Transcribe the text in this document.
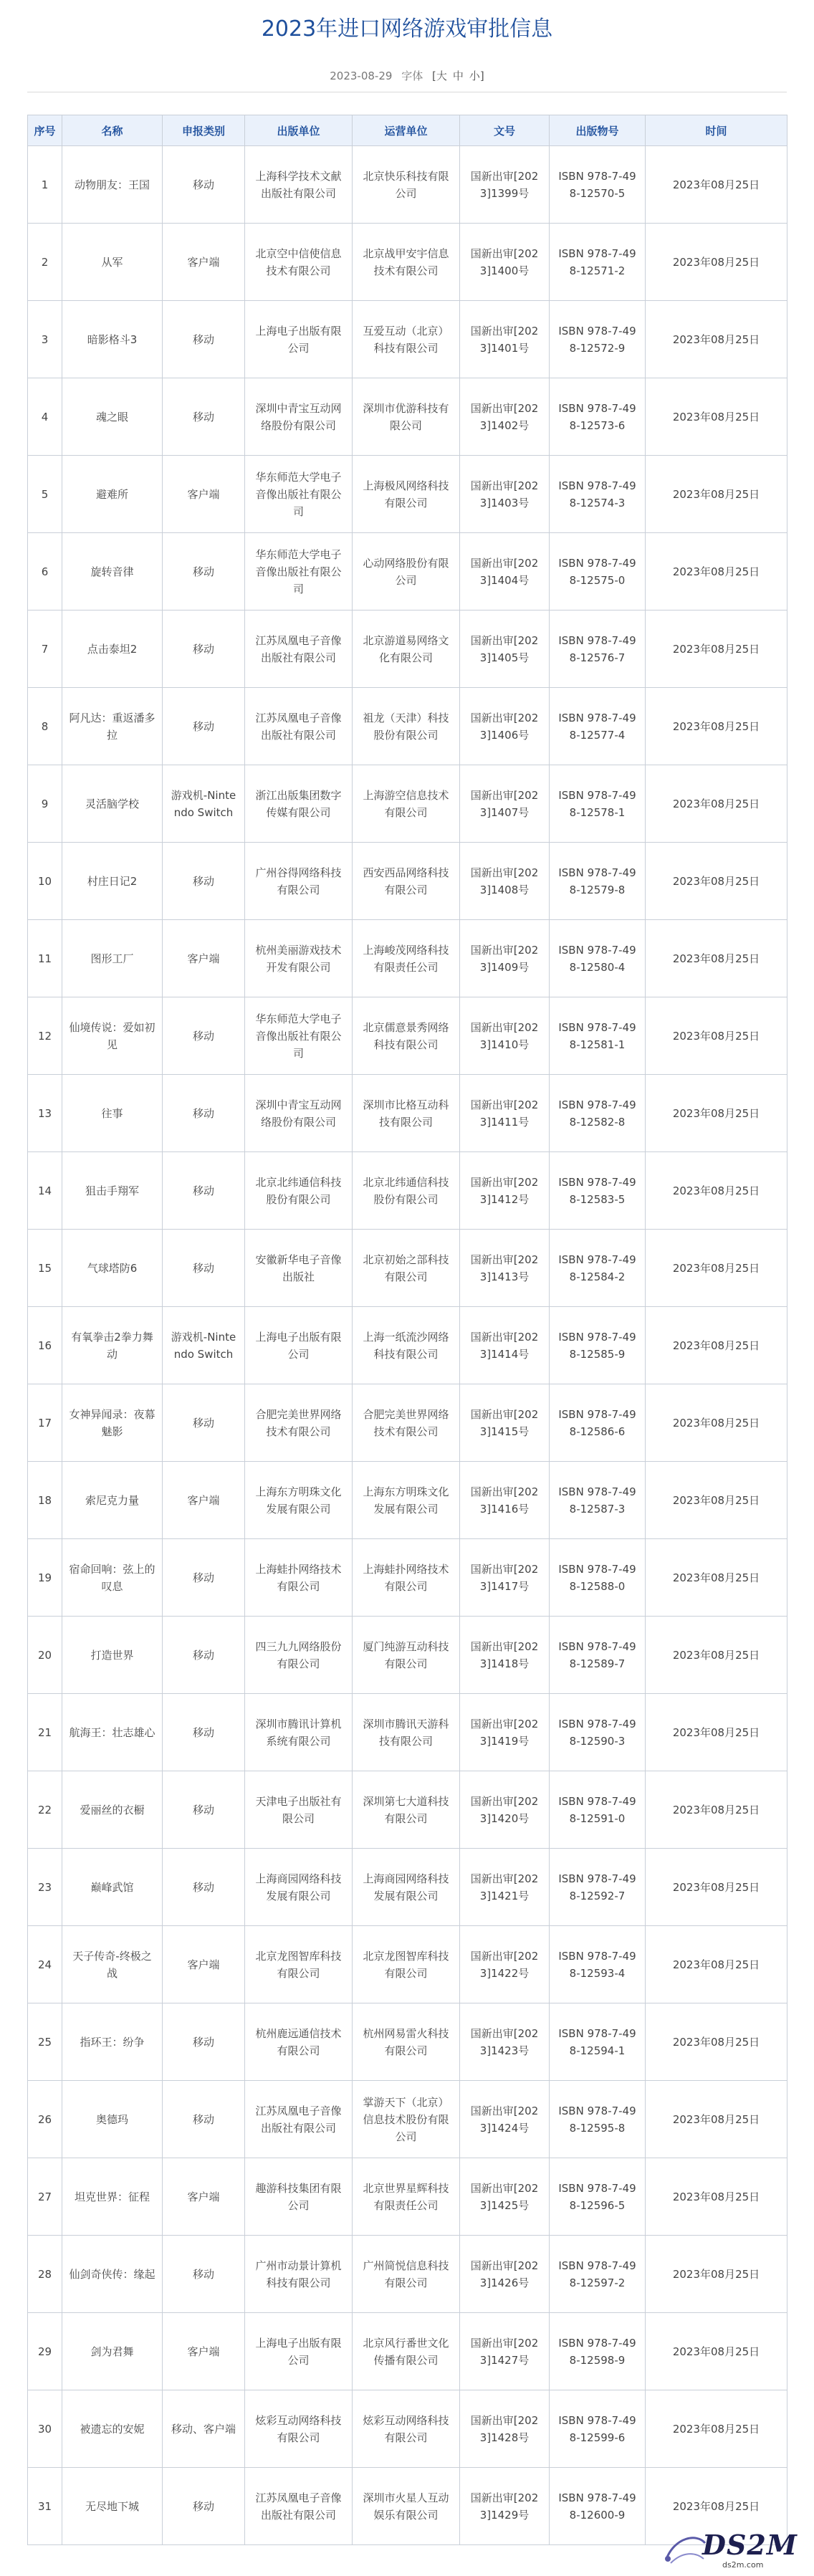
2023年进口网络游戏审批信息
2023-08-29 字体 [大 中 小]
序号	名称	申报类别	出版单位	运营单位	文号	出版物号	时间
1	动物朋友：王国	移动	上海科学技术文献出版社有限公司	北京快乐科技有限公司	国新出审[2023]1399号	ISBN 978-7-498-12570-5	2023年08月25日
2	从军	客户端	北京空中信使信息技术有限公司	北京战甲安宇信息技术有限公司	国新出审[2023]1400号	ISBN 978-7-498-12571-2	2023年08月25日
3	暗影格斗3	移动	上海电子出版有限公司	互爱互动（北京）科技有限公司	国新出审[2023]1401号	ISBN 978-7-498-12572-9	2023年08月25日
4	魂之眼	移动	深圳中青宝互动网络股份有限公司	深圳市优游科技有限公司	国新出审[2023]1402号	ISBN 978-7-498-12573-6	2023年08月25日
5	避难所	客户端	华东师范大学电子音像出版社有限公司	上海极风网络科技有限公司	国新出审[2023]1403号	ISBN 978-7-498-12574-3	2023年08月25日
6	旋转音律	移动	华东师范大学电子音像出版社有限公司	心动网络股份有限公司	国新出审[2023]1404号	ISBN 978-7-498-12575-0	2023年08月25日
7	点击泰坦2	移动	江苏凤凰电子音像出版社有限公司	北京游道易网络文化有限公司	国新出审[2023]1405号	ISBN 978-7-498-12576-7	2023年08月25日
8	阿凡达：重返潘多拉	移动	江苏凤凰电子音像出版社有限公司	祖龙（天津）科技股份有限公司	国新出审[2023]1406号	ISBN 978-7-498-12577-4	2023年08月25日
9	灵活脑学校	游戏机-Nintendo Switch	浙江出版集团数字传媒有限公司	上海游空信息技术有限公司	国新出审[2023]1407号	ISBN 978-7-498-12578-1	2023年08月25日
10	村庄日记2	移动	广州谷得网络科技有限公司	西安西品网络科技有限公司	国新出审[2023]1408号	ISBN 978-7-498-12579-8	2023年08月25日
11	图形工厂	客户端	杭州美丽游戏技术开发有限公司	上海峻茂网络科技有限责任公司	国新出审[2023]1409号	ISBN 978-7-498-12580-4	2023年08月25日
12	仙境传说：爱如初见	移动	华东师范大学电子音像出版社有限公司	北京儒意景秀网络科技有限公司	国新出审[2023]1410号	ISBN 978-7-498-12581-1	2023年08月25日
13	往事	移动	深圳中青宝互动网络股份有限公司	深圳市比格互动科技有限公司	国新出审[2023]1411号	ISBN 978-7-498-12582-8	2023年08月25日
14	狙击手翔军	移动	北京北纬通信科技股份有限公司	北京北纬通信科技股份有限公司	国新出审[2023]1412号	ISBN 978-7-498-12583-5	2023年08月25日
15	气球塔防6	移动	安徽新华电子音像出版社	北京初始之部科技有限公司	国新出审[2023]1413号	ISBN 978-7-498-12584-2	2023年08月25日
16	有氧拳击2拳力舞动	游戏机-Nintendo Switch	上海电子出版有限公司	上海一纸流沙网络科技有限公司	国新出审[2023]1414号	ISBN 978-7-498-12585-9	2023年08月25日
17	女神异闻录：夜幕魅影	移动	合肥完美世界网络技术有限公司	合肥完美世界网络技术有限公司	国新出审[2023]1415号	ISBN 978-7-498-12586-6	2023年08月25日
18	索尼克力量	客户端	上海东方明珠文化发展有限公司	上海东方明珠文化发展有限公司	国新出审[2023]1416号	ISBN 978-7-498-12587-3	2023年08月25日
19	宿命回响：弦上的叹息	移动	上海蛙扑网络技术有限公司	上海蛙扑网络技术有限公司	国新出审[2023]1417号	ISBN 978-7-498-12588-0	2023年08月25日
20	打造世界	移动	四三九九网络股份有限公司	厦门纯游互动科技有限公司	国新出审[2023]1418号	ISBN 978-7-498-12589-7	2023年08月25日
21	航海王：壮志雄心	移动	深圳市腾讯计算机系统有限公司	深圳市腾讯天游科技有限公司	国新出审[2023]1419号	ISBN 978-7-498-12590-3	2023年08月25日
22	爱丽丝的衣橱	移动	天津电子出版社有限公司	深圳第七大道科技有限公司	国新出审[2023]1420号	ISBN 978-7-498-12591-0	2023年08月25日
23	巅峰武馆	移动	上海商园网络科技发展有限公司	上海商园网络科技发展有限公司	国新出审[2023]1421号	ISBN 978-7-498-12592-7	2023年08月25日
24	天子传奇-终极之战	客户端	北京龙图智库科技有限公司	北京龙图智库科技有限公司	国新出审[2023]1422号	ISBN 978-7-498-12593-4	2023年08月25日
25	指环王：纷争	移动	杭州鹿远通信技术有限公司	杭州网易雷火科技有限公司	国新出审[2023]1423号	ISBN 978-7-498-12594-1	2023年08月25日
26	奥德玛	移动	江苏凤凰电子音像出版社有限公司	掌游天下（北京）信息技术股份有限公司	国新出审[2023]1424号	ISBN 978-7-498-12595-8	2023年08月25日
27	坦克世界：征程	客户端	趣游科技集团有限公司	北京世界星辉科技有限责任公司	国新出审[2023]1425号	ISBN 978-7-498-12596-5	2023年08月25日
28	仙剑奇侠传：缘起	移动	广州市动景计算机科技有限公司	广州简悦信息科技有限公司	国新出审[2023]1426号	ISBN 978-7-498-12597-2	2023年08月25日
29	剑为君舞	客户端	上海电子出版有限公司	北京风行番世文化传播有限公司	国新出审[2023]1427号	ISBN 978-7-498-12598-9	2023年08月25日
30	被遗忘的安妮	移动、客户端	炫彩互动网络科技有限公司	炫彩互动网络科技有限公司	国新出审[2023]1428号	ISBN 978-7-498-12599-6	2023年08月25日
31	无尽地下城	移动	江苏凤凰电子音像出版社有限公司	深圳市火星人互动娱乐有限公司	国新出审[2023]1429号	ISBN 978-7-498-12600-9	2023年08月25日
DS2M
ds2m.com
